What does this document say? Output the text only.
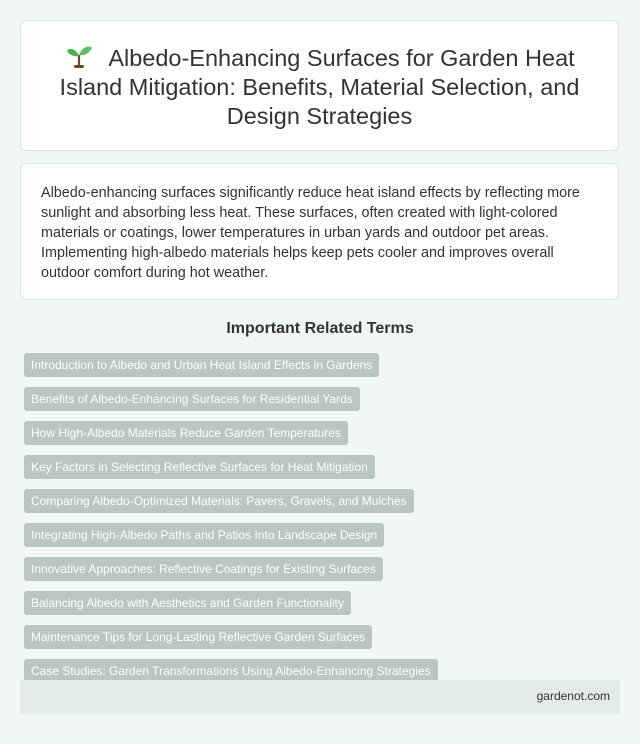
Albedo-Enhancing Surfaces for Garden Heat Island Mitigation: Benefits, Material Selection, and Design Strategies

Albedo-enhancing surfaces significantly reduce heat island effects by reflecting more sunlight and absorbing less heat. These surfaces, often created with light-colored materials or coatings, lower temperatures in urban yards and outdoor pet areas. Implementing high-albedo materials helps keep pets cooler and improves overall outdoor comfort during hot weather.

Important Related Terms
Introduction to Albedo and Urban Heat Island Effects in Gardens
Benefits of Albedo-Enhancing Surfaces for Residential Yards
How High-Albedo Materials Reduce Garden Temperatures
Key Factors in Selecting Reflective Surfaces for Heat Mitigation
Comparing Albedo-Optimized Materials: Pavers, Gravels, and Mulches
Integrating High-Albedo Paths and Patios Into Landscape Design
Innovative Approaches: Reflective Coatings for Existing Surfaces
Balancing Albedo with Aesthetics and Garden Functionality
Maintenance Tips for Long-Lasting Reflective Garden Surfaces
Case Studies: Garden Transformations Using Albedo-Enhancing Strategies
gardenot.com
